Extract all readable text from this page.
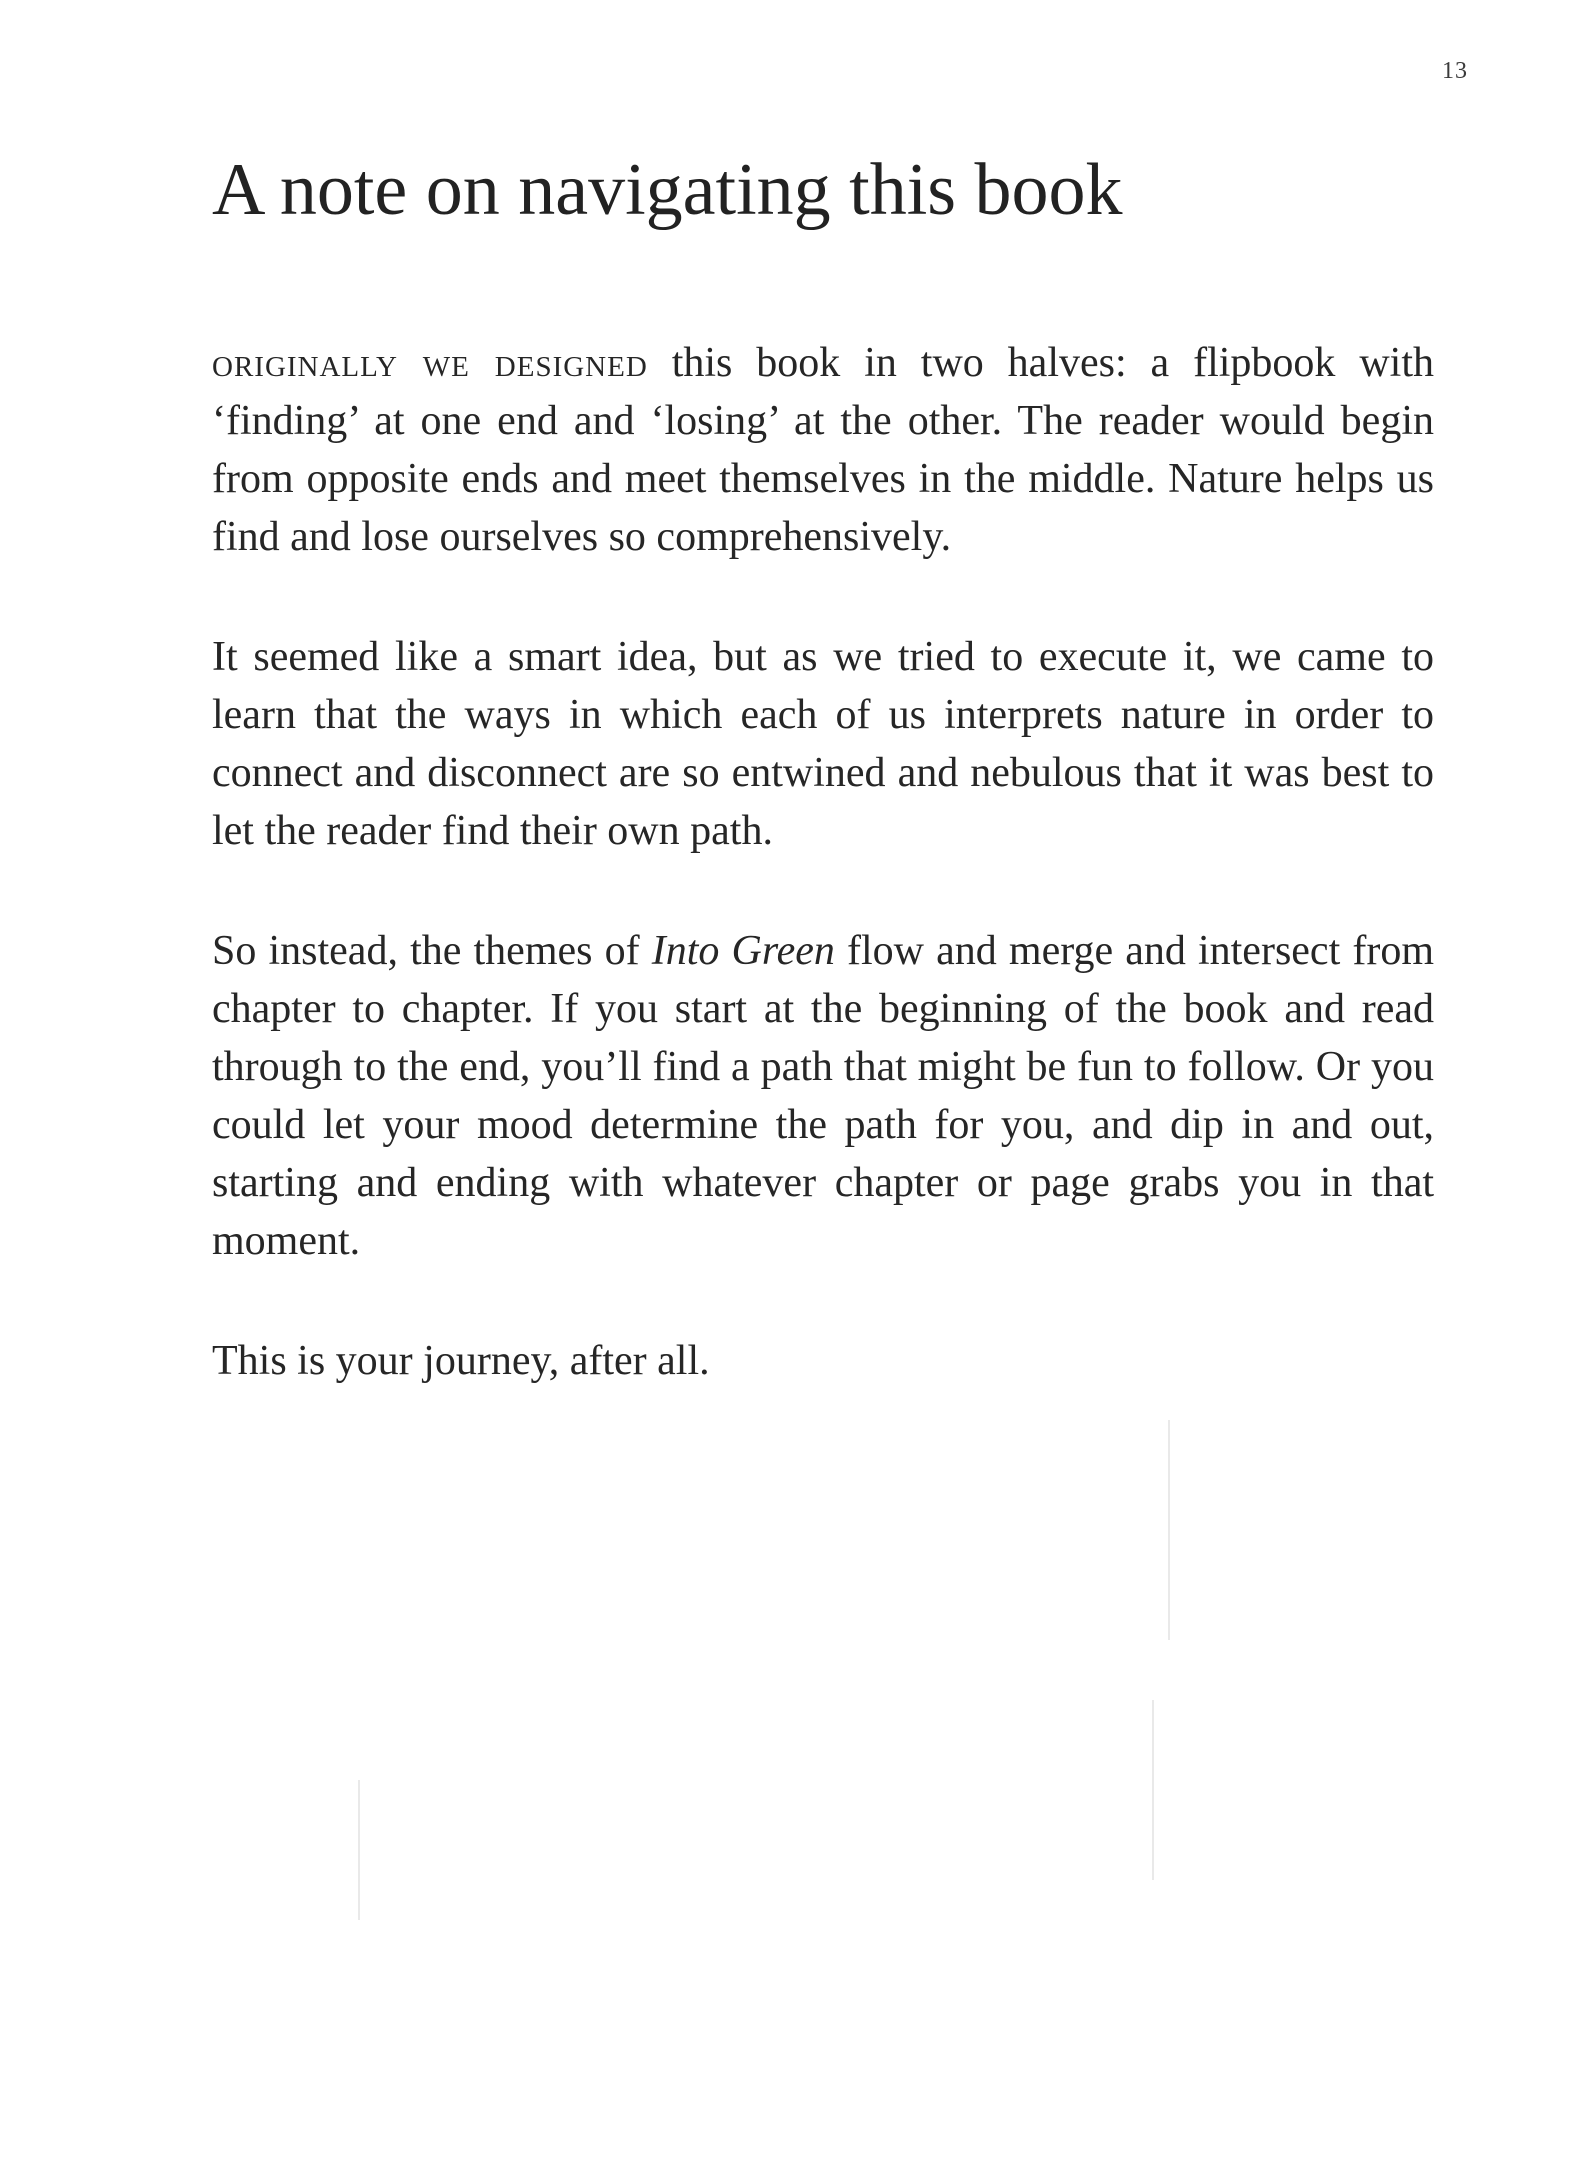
13
A note on navigating this book

originally we designed this book in two halves: a flipbook with ‘finding’ at one end and ‘losing’ at the other. The reader would begin from opposite ends and meet themselves in the middle. Nature helps us find and lose ourselves so comprehensively.

It seemed like a smart idea, but as we tried to execute it, we came to learn that the ways in which each of us interprets nature in order to connect and disconnect are so entwined and nebulous that it was best to let the reader find their own path.

So instead, the themes of Into Green flow and merge and intersect from chapter to chapter. If you start at the beginning of the book and read through to the end, you’ll find a path that might be fun to follow. Or you could let your mood determine the path for you, and dip in and out, starting and ending with whatever chapter or page grabs you in that moment.

This is your journey, after all.
